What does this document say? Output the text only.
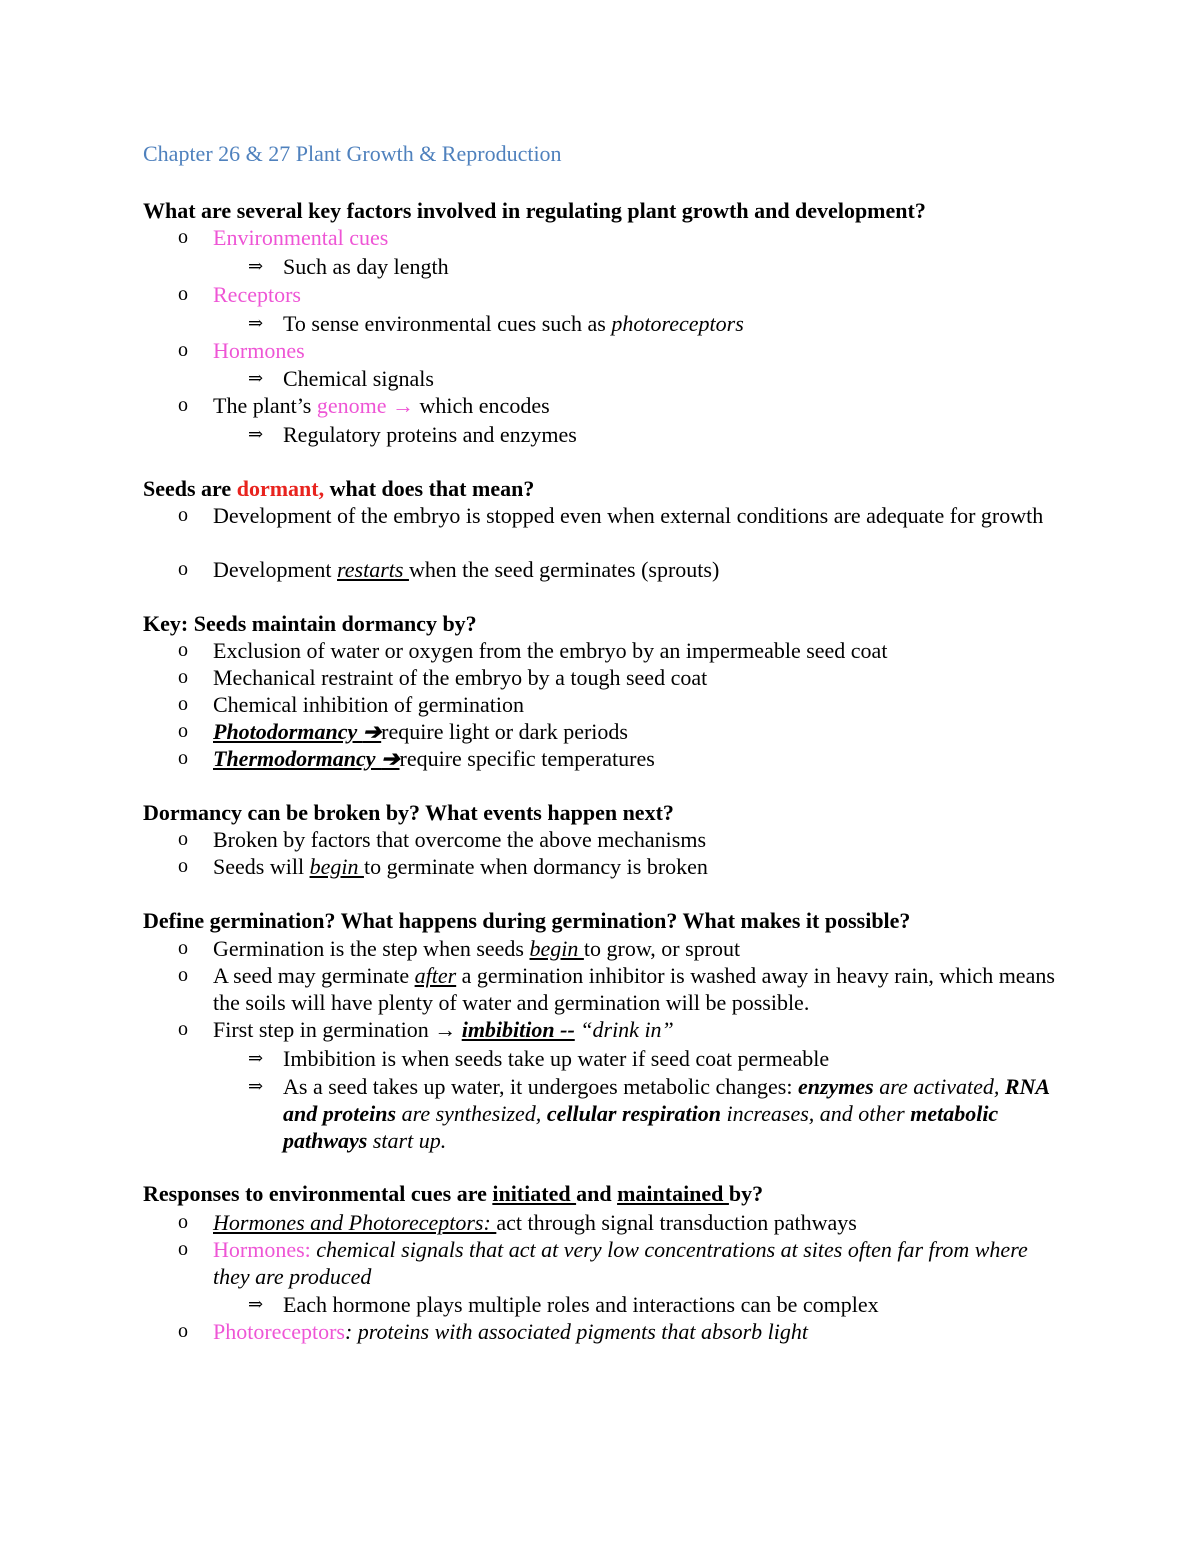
Chapter 26 & 27 Plant Growth & Reproduction
What are several key factors involved in regulating plant growth and development?
o Environmental cues
⇒ Such as day length
o Receptors
⇒ To sense environmental cues such as photoreceptors
o Hormones
⇒ Chemical signals
o The plant’s genome → which encodes
⇒ Regulatory proteins and enzymes
Seeds are dormant, what does that mean?
o Development of the embryo is stopped even when external conditions are adequate for growth
o Development restarts when the seed germinates (sprouts)
Key: Seeds maintain dormancy by?
o Exclusion of water or oxygen from the embryo by an impermeable seed coat
o Mechanical restraint of the embryo by a tough seed coat
o Chemical inhibition of germination
o Photodormancy ➔require light or dark periods
o Thermodormancy ➔require specific temperatures
Dormancy can be broken by? What events happen next?
o Broken by factors that overcome the above mechanisms
o Seeds will begin to germinate when dormancy is broken
Define germination? What happens during germination? What makes it possible?
o Germination is the step when seeds begin to grow, or sprout
o A seed may germinate after a germination inhibitor is washed away in heavy rain, which means the soils will have plenty of water and germination will be possible.
o First step in germination → imbibition -- “drink in”
⇒ Imbibition is when seeds take up water if seed coat permeable
⇒ As a seed takes up water, it undergoes metabolic changes: enzymes are activated, RNA and proteins are synthesized, cellular respiration increases, and other metabolic pathways start up.
Responses to environmental cues are initiated and maintained by?
o Hormones and Photoreceptors: act through signal transduction pathways
o Hormones: chemical signals that act at very low concentrations at sites often far from where they are produced
⇒ Each hormone plays multiple roles and interactions can be complex
o Photoreceptors: proteins with associated pigments that absorb light
